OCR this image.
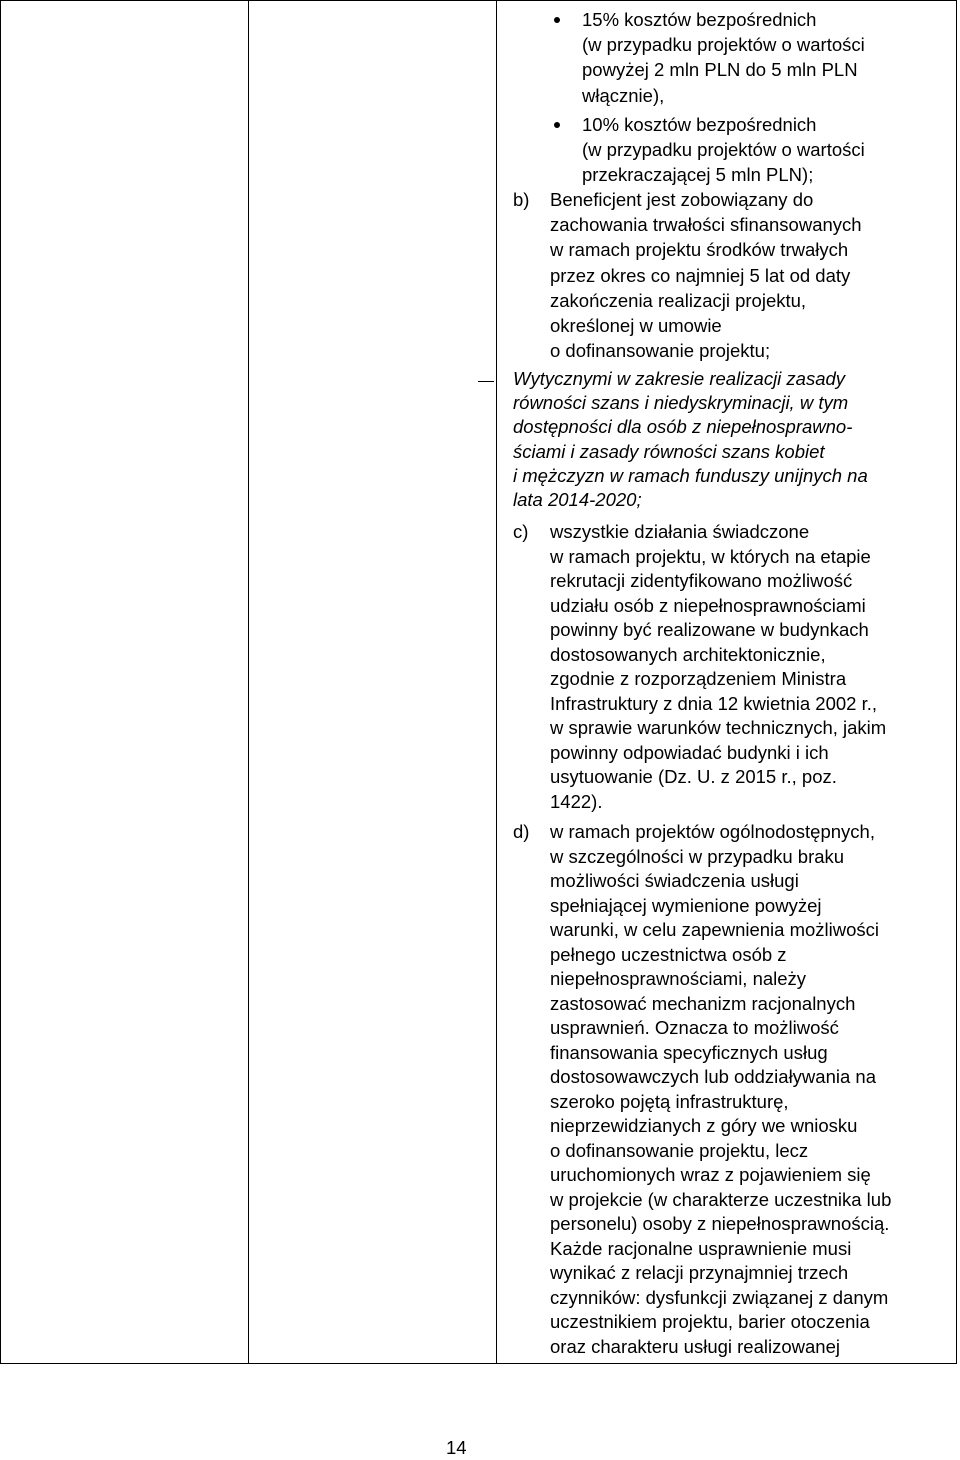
15% kosztów bezpośrednich
(w przypadku projektów o wartości
powyżej 2 mln PLN do 5 mln PLN
włącznie),
10% kosztów bezpośrednich
(w przypadku projektów o wartości
przekraczającej 5 mln PLN);
b) Beneficjent jest zobowiązany do
zachowania trwałości sfinansowanych
w ramach projektu środków trwałych
przez okres co najmniej 5 lat od daty
zakończenia realizacji projektu,
określonej w umowie
o dofinansowanie projektu;
Wytycznymi w zakresie realizacji zasady
równości szans i niedyskryminacji, w tym
dostępności dla osób z niepełnosprawno-
ściami i zasady równości szans kobiet
i mężczyzn w ramach funduszy unijnych na
lata 2014-2020;
c) wszystkie działania świadczone
w ramach projektu, w których na etapie
rekrutacji zidentyfikowano możliwość
udziału osób z niepełnosprawnościami
powinny być realizowane w budynkach
dostosowanych architektonicznie,
zgodnie z rozporządzeniem Ministra
Infrastruktury z dnia 12 kwietnia 2002 r.,
w sprawie warunków technicznych, jakim
powinny odpowiadać budynki i ich
usytuowanie (Dz. U. z 2015 r., poz.
1422).
d) w ramach projektów ogólnodostępnych,
w szczególności w przypadku braku
możliwości świadczenia usługi
spełniającej wymienione powyżej
warunki, w celu zapewnienia możliwości
pełnego uczestnictwa osób z
niepełnosprawnościami, należy
zastosować mechanizm racjonalnych
usprawnień. Oznacza to możliwość
finansowania specyficznych usług
dostosowawczych lub oddziaływania na
szeroko pojętą infrastrukturę,
nieprzewidzianych z góry we wniosku
o dofinansowanie projektu, lecz
uruchomionych wraz z pojawieniem się
w projekcie (w charakterze uczestnika lub
personelu) osoby z niepełnosprawnością.
Każde racjonalne usprawnienie musi
wynikać z relacji przynajmniej trzech
czynników: dysfunkcji związanej z danym
uczestnikiem projektu, barier otoczenia
oraz charakteru usługi realizowanej
14
